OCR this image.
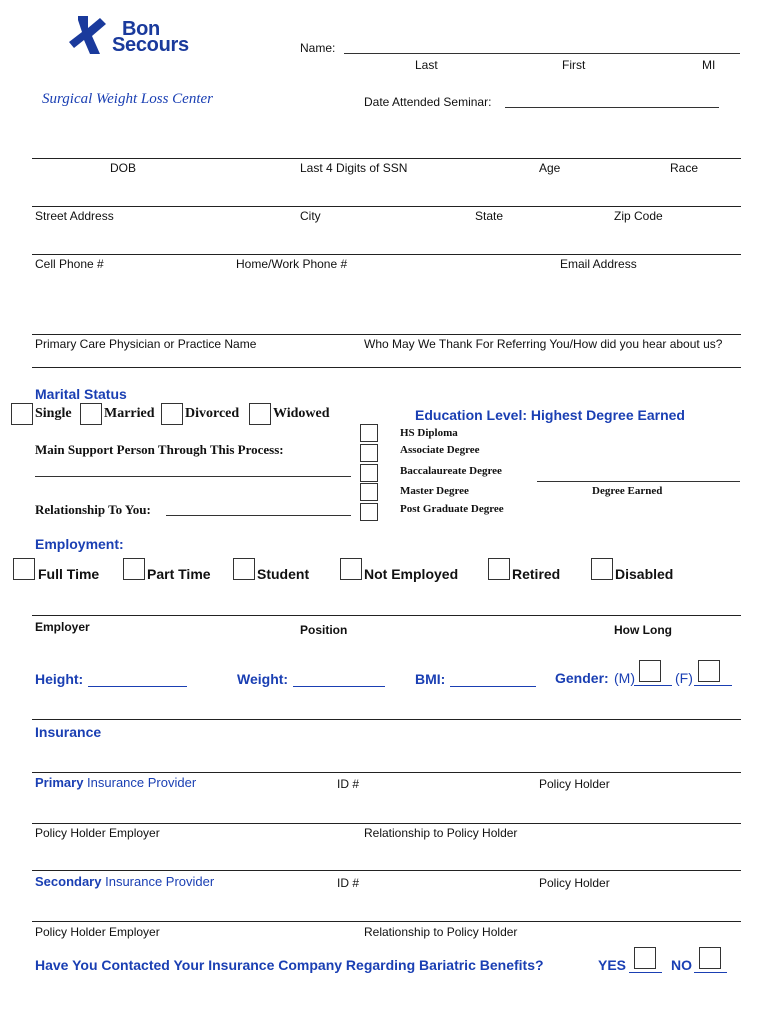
Bon
Secours
Surgical Weight Loss Center
Name:
Last	First	MI
Date Attended Seminar:
DOB	Last 4 Digits of SSN	Age	Race
Street Address	City	State	Zip Code
Cell Phone #	Home/Work Phone #	Email Address
Primary Care Physician or Practice Name	Who May We Thank For Referring You/How did you hear about us?
Marital Status
Single Married Divorced Widowed
Main Support Person Through This Process:
Relationship To You:
Education Level: Highest Degree Earned
HS Diploma
Associate Degree
Baccalaureate Degree
Master Degree
Post Graduate Degree
Degree Earned
Employment:
Full Time	Part Time	Student	Not Employed	Retired	Disabled
Employer	Position	How Long
Height:	Weight:	BMI:	Gender: (M)	(F)
Insurance
Primary Insurance Provider	ID #	Policy Holder
Policy Holder Employer	Relationship to Policy Holder
Secondary Insurance Provider	ID #	Policy Holder
Policy Holder Employer	Relationship to Policy Holder
Have You Contacted Your Insurance Company Regarding Bariatric Benefits?	YES	NO
